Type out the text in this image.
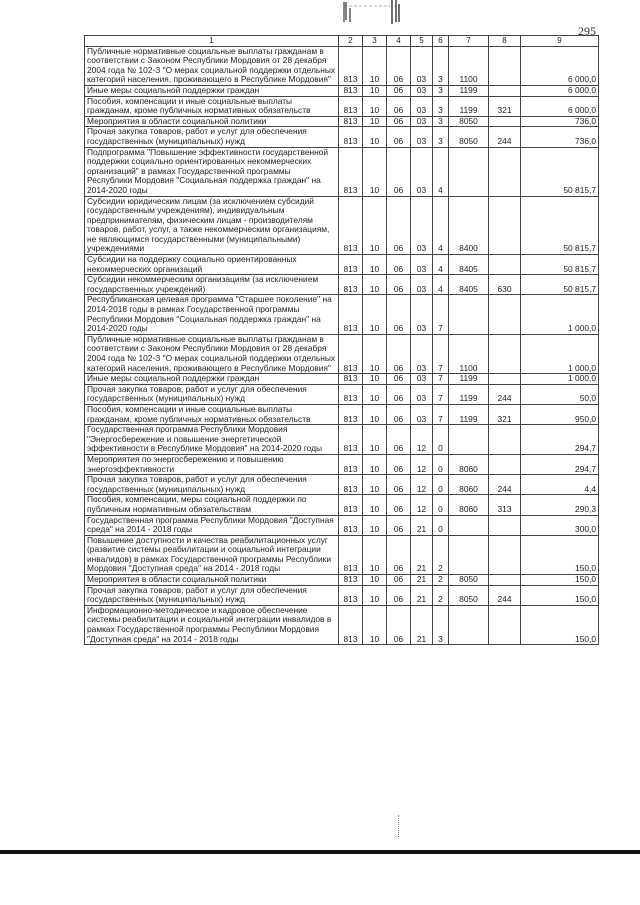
295
1	2	3	4	5	6	7	8	9
Публичные нормативные социальные выплаты гражданам в соответствии с Законом Республики Мордовия от 28 декабря 2004 года № 102-З "О мерах социальной поддержки отдельных категорий населения, проживающего в Республике Мордовия"	813	10	06	03	3	1100		6 000,0
Иные меры социальной поддержки граждан	813	10	06	03	3	1199		6 000,0
Пособия, компенсации и иные социальные выплаты гражданам, кроме публичных нормативных обязательств	813	10	06	03	3	1199	321	6 000,0
Мероприятия в области социальной политики	813	10	06	03	3	8050		736,0
Прочая закупка товаров, работ и услуг для обеспечения государственных (муниципальных) нужд	813	10	06	03	3	8050	244	736,0
Подпрограмма "Повышение эффективности государственной поддержки социально ориентированных некоммерческих организаций" в рамках Государственной программы Республики Мордовия "Социальная поддержка граждан" на 2014-2020 годы	813	10	06	03	4			50 815,7
Субсидии юридическим лицам (за исключением субсидий государственным учреждениям), индивидуальным предпринимателям, физическим лицам - производителям товаров, работ, услуг, а также некоммерческим организациям, не являющимся государственными (муниципальными) учреждениями	813	10	06	03	4	8400		50 815,7
Субсидии на поддержку социально ориентированных некоммерческих организаций	813	10	06	03	4	8405		50 815,7
Субсидии некоммерческим организациям (за исключением государственных учреждений)	813	10	06	03	4	8405	630	50 815,7
Республиканская целевая программа "Старшее поколение" на 2014-2018 годы в рамках Государственной программы Республики Мордовия "Социальная поддержка граждан" на 2014-2020 годы	813	10	06	03	7			1 000,0
Публичные нормативные социальные выплаты гражданам в соответствии с Законом Республики Мордовия от 28 декабря 2004 года № 102-З "О мерах социальной поддержки отдельных категорий населения, проживающего в Республике Мордовия"	813	10	06	03	7	1100		1 000,0
Иные меры социальной поддержки граждан	813	10	06	03	7	1199		1 000,0
Прочая закупка товаров, работ и услуг для обеспечения государственных (муниципальных) нужд	813	10	06	03	7	1199	244	50,0
Пособия, компенсации и иные социальные выплаты гражданам, кроме публичных нормативных обязательств	813	10	06	03	7	1199	321	950,0
Государственная программа Республики Мордовия "Энергосбережение и повышение энергетической эффективности в Республике Мордовия" на 2014-2020 годы	813	10	06	12	0			294,7
Мероприятия по энергосбережению и повышению энергоэффективности	813	10	06	12	0	8060		294,7
Прочая закупка товаров, работ и услуг для обеспечения государственных (муниципальных) нужд	813	10	06	12	0	8060	244	4,4
Пособия, компенсации, меры социальной поддержки по публичным нормативным обязательствам	813	10	06	12	0	8060	313	290,3
Государственная программа Республики Мордовия "Доступная среда" на 2014 - 2018 годы	813	10	06	21	0			300,0
Повышение доступности и качества реабилитационных услуг (развитие системы реабилитации и социальной интеграции инвалидов) в рамках Государственной программы Республики Мордовия "Доступная среда" на 2014 - 2018 годы	813	10	06	21	2			150,0
Мероприятия в области социальной политики	813	10	06	21	2	8050		150,0
Прочая закупка товаров, работ и услуг для обеспечения государственных (муниципальных) нужд	813	10	06	21	2	8050	244	150,0
Информационно-методическое и кадровое обеспечение системы реабилитации и социальной интеграции инвалидов в рамках Государственной программы Республики Мордовия "Доступная среда" на 2014 - 2018 годы	813	10	06	21	3			150,0
